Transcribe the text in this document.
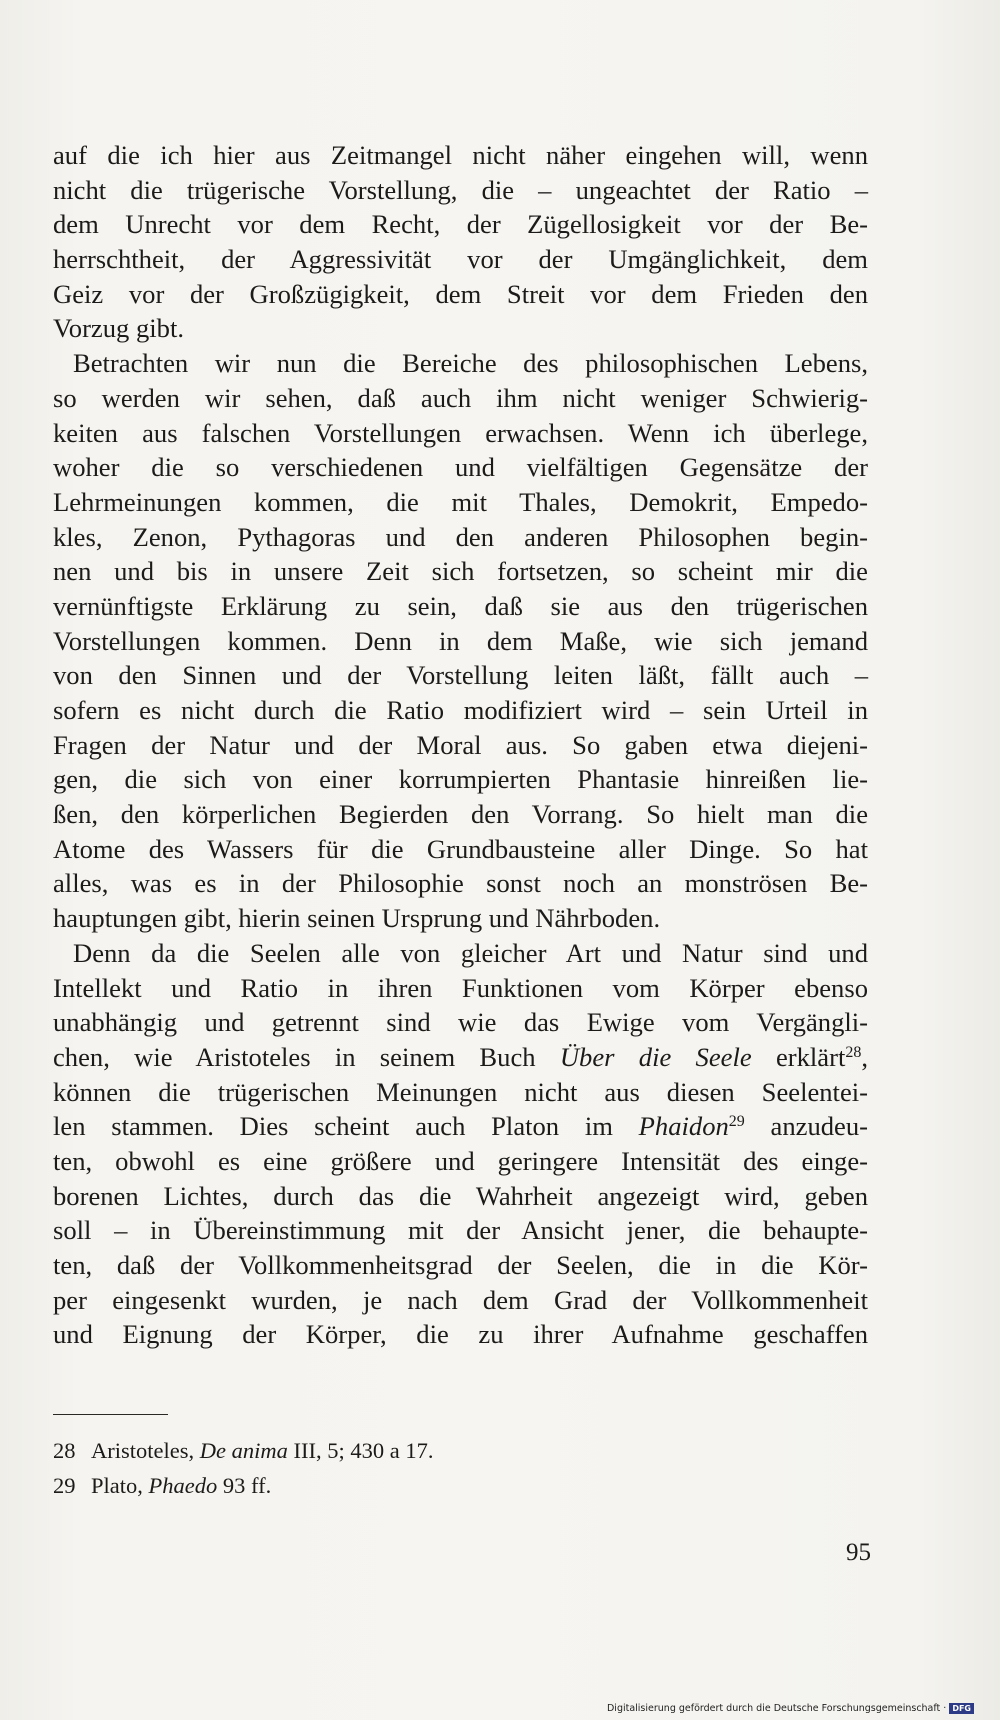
auf die ich hier aus Zeitmangel nicht näher eingehen will, wenn
nicht die trügerische Vorstellung, die – ungeachtet der Ratio –
dem Unrecht vor dem Recht, der Zügellosigkeit vor der Be-
herrschtheit, der Aggressivität vor der Umgänglichkeit, dem
Geiz vor der Großzügigkeit, dem Streit vor dem Frieden den
Vorzug gibt.
Betrachten wir nun die Bereiche des philosophischen Lebens,
so werden wir sehen, daß auch ihm nicht weniger Schwierig-
keiten aus falschen Vorstellungen erwachsen. Wenn ich überlege,
woher die so verschiedenen und vielfältigen Gegensätze der
Lehrmeinungen kommen, die mit Thales, Demokrit, Empedo-
kles, Zenon, Pythagoras und den anderen Philosophen begin-
nen und bis in unsere Zeit sich fortsetzen, so scheint mir die
vernünftigste Erklärung zu sein, daß sie aus den trügerischen
Vorstellungen kommen. Denn in dem Maße, wie sich jemand
von den Sinnen und der Vorstellung leiten läßt, fällt auch –
sofern es nicht durch die Ratio modifiziert wird – sein Urteil in
Fragen der Natur und der Moral aus. So gaben etwa diejeni-
gen, die sich von einer korrumpierten Phantasie hinreißen lie-
ßen, den körperlichen Begierden den Vorrang. So hielt man die
Atome des Wassers für die Grundbausteine aller Dinge. So hat
alles, was es in der Philosophie sonst noch an monströsen Be-
hauptungen gibt, hierin seinen Ursprung und Nährboden.
Denn da die Seelen alle von gleicher Art und Natur sind und
Intellekt und Ratio in ihren Funktionen vom Körper ebenso
unabhängig und getrennt sind wie das Ewige vom Vergängli-
chen, wie Aristoteles in seinem Buch Über die Seele erklärt$^{28}$,
können die trügerischen Meinungen nicht aus diesen Seelentei-
len stammen. Dies scheint auch Platon im Phaidon$^{29}$ anzudeu-
ten, obwohl es eine größere und geringere Intensität des einge-
borenen Lichtes, durch das die Wahrheit angezeigt wird, geben
soll – in Übereinstimmung mit der Ansicht jener, die behaupte-
ten, daß der Vollkommenheitsgrad der Seelen, die in die Kör-
per eingesenkt wurden, je nach dem Grad der Vollkommenheit
und Eignung der Körper, die zu ihrer Aufnahme geschaffen
28 Aristoteles, De anima III, 5; 430 a 17.
29 Plato, Phaedo 93 ff.
95
Digitalisierung gefördert durch die Deutsche Forschungsgemeinschaft · DFG
